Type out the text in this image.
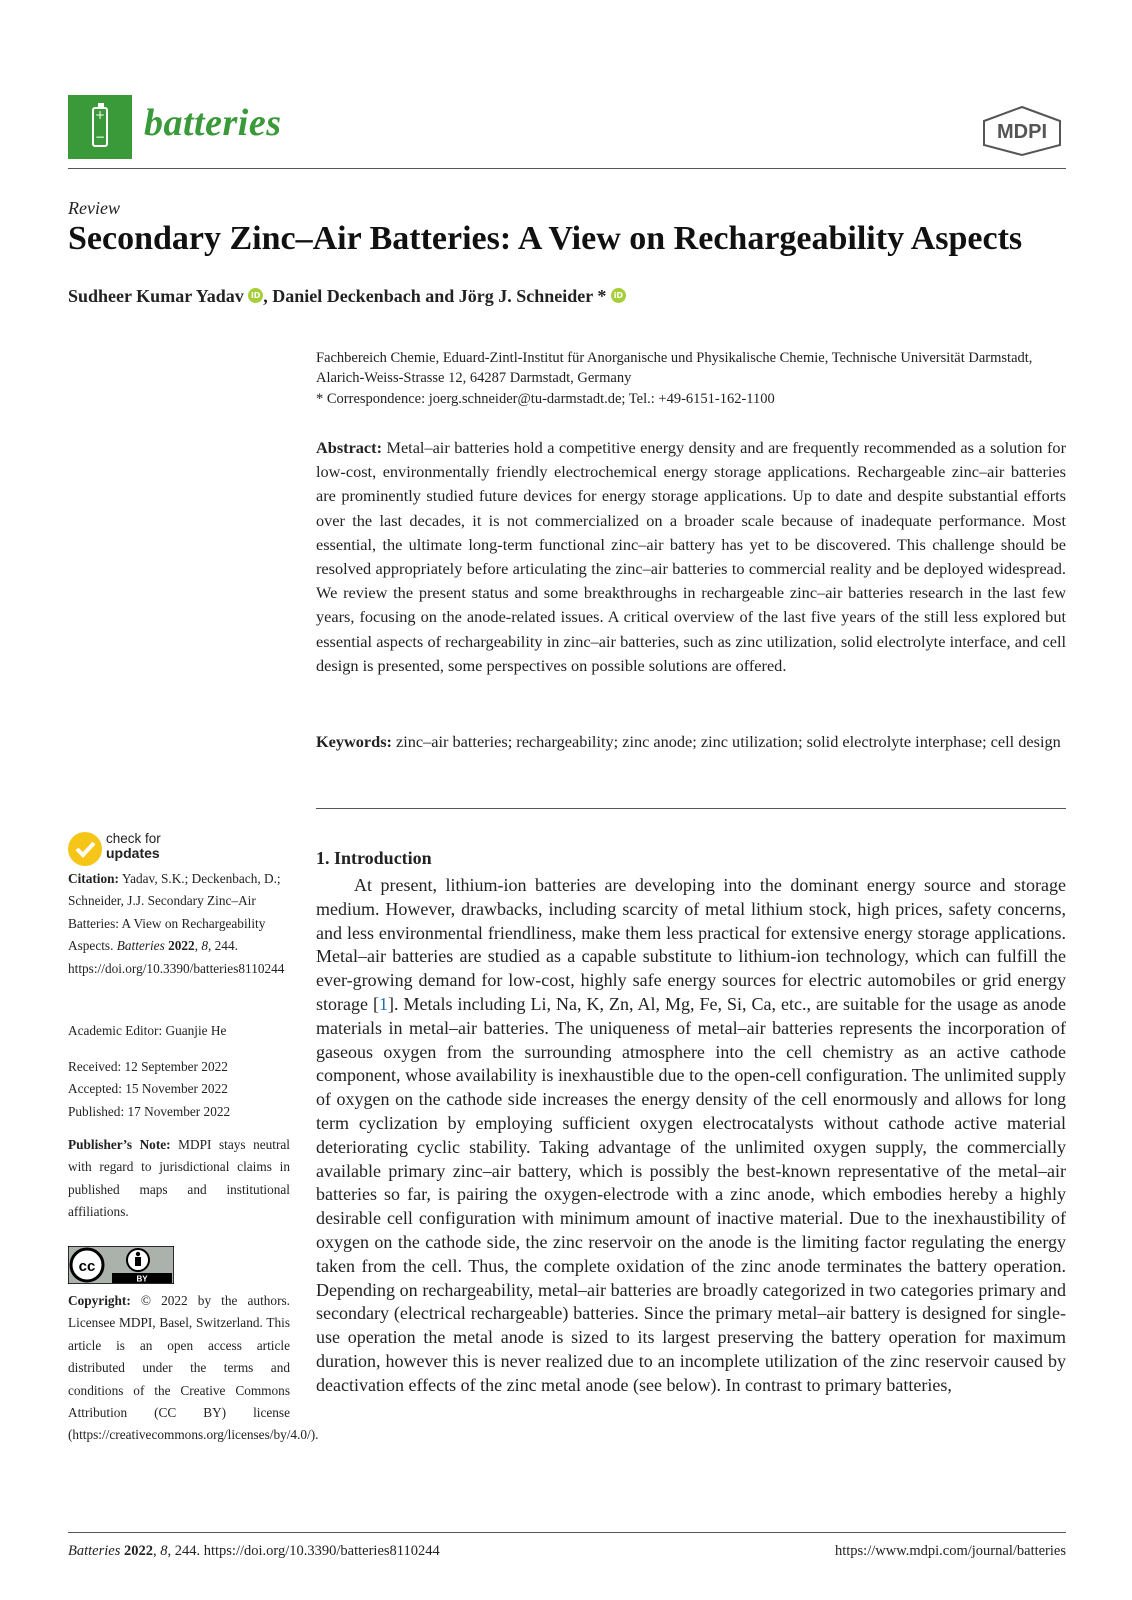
+
− batteries	MDPI
Review
Secondary Zinc–Air Batteries: A View on Rechargeability Aspects
Sudheer Kumar Yadav iD , Daniel Deckenbach and Jörg J. Schneider * iD
Fachbereich Chemie, Eduard-Zintl-Institut für Anorganische und Physikalische Chemie, Technische Universität Darmstadt, Alarich-Weiss-Strasse 12, 64287 Darmstadt, Germany
* Correspondence: joerg.schneider@tu-darmstadt.de; Tel.: +49-6151-162-1100
Abstract: Metal–air batteries hold a competitive energy density and are frequently recommended as a solution for low-cost, environmentally friendly electrochemical energy storage applications. Rechargeable zinc–air batteries are prominently studied future devices for energy storage applications. Up to date and despite substantial efforts over the last decades, it is not commercialized on a broader scale because of inadequate performance. Most essential, the ultimate long-term functional zinc–air battery has yet to be discovered. This challenge should be resolved appropriately before articulating the zinc–air batteries to commercial reality and be deployed widespread. We review the present status and some breakthroughs in rechargeable zinc–air batteries research in the last few years, focusing on the anode-related issues. A critical overview of the last five years of the still less explored but essential aspects of rechargeability in zinc–air batteries, such as zinc utilization, solid electrolyte interface, and cell design is presented, some perspectives on possible solutions are offered.
Keywords: zinc–air batteries; rechargeability; zinc anode; zinc utilization; solid electrolyte interphase; cell design
check for
updates
Citation: Yadav, S.K.; Deckenbach, D.; Schneider, J.J. Secondary Zinc–Air Batteries: A View on Rechargeability Aspects. Batteries 2022, 8, 244. https://doi.org/10.3390/batteries8110244
Academic Editor: Guanjie He
Received: 12 September 2022
Accepted: 15 November 2022
Published: 17 November 2022
Publisher’s Note: MDPI stays neutral with regard to jurisdictional claims in published maps and institutional affiliations.
cc
BY
Copyright: © 2022 by the authors. Licensee MDPI, Basel, Switzerland. This article is an open access article distributed under the terms and conditions of the Creative Commons Attribution (CC BY) license (https://creativecommons.org/licenses/by/4.0/).
1. Introduction
At present, lithium-ion batteries are developing into the dominant energy source and storage medium. However, drawbacks, including scarcity of metal lithium stock, high prices, safety concerns, and less environmental friendliness, make them less practical for extensive energy storage applications. Metal–air batteries are studied as a capable substitute to lithium-ion technology, which can fulfill the ever-growing demand for low-cost, highly safe energy sources for electric automobiles or grid energy storage [1]. Metals including Li, Na, K, Zn, Al, Mg, Fe, Si, Ca, etc., are suitable for the usage as anode materials in metal–air batteries. The uniqueness of metal–air batteries represents the incorporation of gaseous oxygen from the surrounding atmosphere into the cell chemistry as an active cathode component, whose availability is inexhaustible due to the open-cell configuration. The unlimited supply of oxygen on the cathode side increases the energy density of the cell enormously and allows for long term cyclization by employing sufficient oxygen electrocatalysts without cathode active material deteriorating cyclic stability. Taking advantage of the unlimited oxygen supply, the commercially available primary zinc–air battery, which is possibly the best-known representative of the metal–air batteries so far, is pairing the oxygen-electrode with a zinc anode, which embodies hereby a highly desirable cell configuration with minimum amount of inactive material. Due to the inexhaustibility of oxygen on the cathode side, the zinc reservoir on the anode is the limiting factor regulating the energy taken from the cell. Thus, the complete oxidation of the zinc anode terminates the battery operation. Depending on rechargeability, metal–air batteries are broadly categorized in two categories primary and secondary (electrical rechargeable) batteries. Since the primary metal–air battery is designed for single-use operation the metal anode is sized to its largest preserving the battery operation for maximum duration, however this is never realized due to an incomplete utilization of the zinc reservoir caused by deactivation effects of the zinc metal anode (see below). In contrast to primary batteries,
Batteries 2022, 8, 244. https://doi.org/10.3390/batteries8110244	https://www.mdpi.com/journal/batteries
